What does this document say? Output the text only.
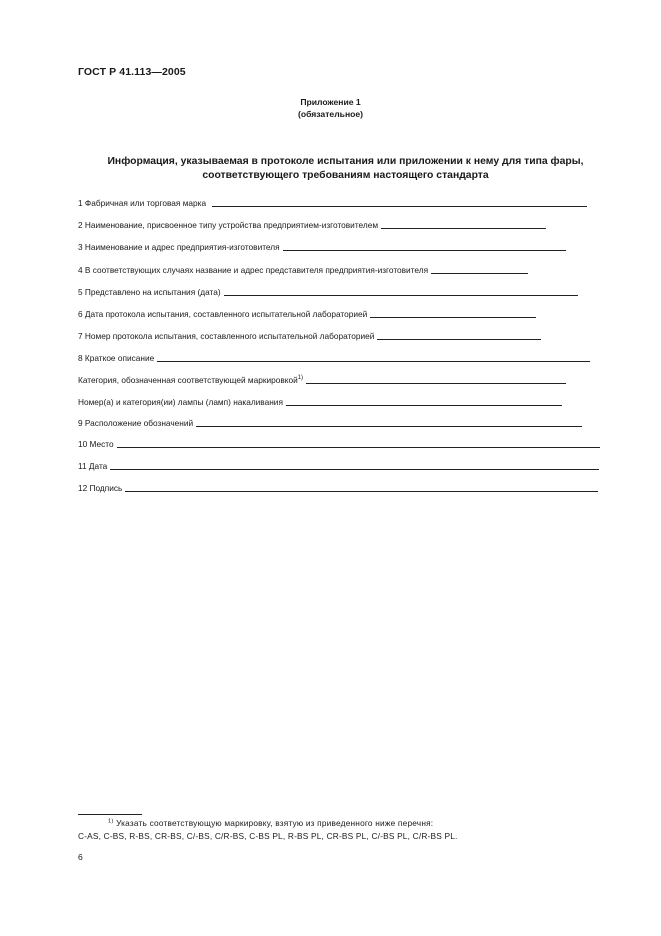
ГОСТ Р 41.113—2005
Приложение 1
(обязательное)
Информация, указываемая в протоколе испытания или приложении к нему для типа фары,
соответствующего требованиям настоящего стандарта
1 Фабричная или торговая марка
2 Наименование, присвоенное типу устройства предприятием-изготовителем
3 Наименование и адрес предприятия-изготовителя
4 В соответствующих случаях название и адрес представителя предприятия-изготовителя
5 Представлено на испытания (дата)
6 Дата протокола испытания, составленного испытательной лабораторией
7 Номер протокола испытания, составленного испытательной лабораторией
8 Краткое описание
Категория, обозначенная соответствующей маркировкой$^{1)}$
Номер(а) и категория(ии) лампы (ламп) накаливания
9 Расположение обозначений
10 Место
11 Дата
12 Подпись
$^{1)}$ Указать соответствующую маркировку, взятую из приведенного ниже перечня:
C-AS, C-BS, R-BS, CR-BS, C/-BS, C/R-BS, C-BS PL, R-BS PL, CR-BS PL, C/-BS PL, C/R-BS PL.
6
